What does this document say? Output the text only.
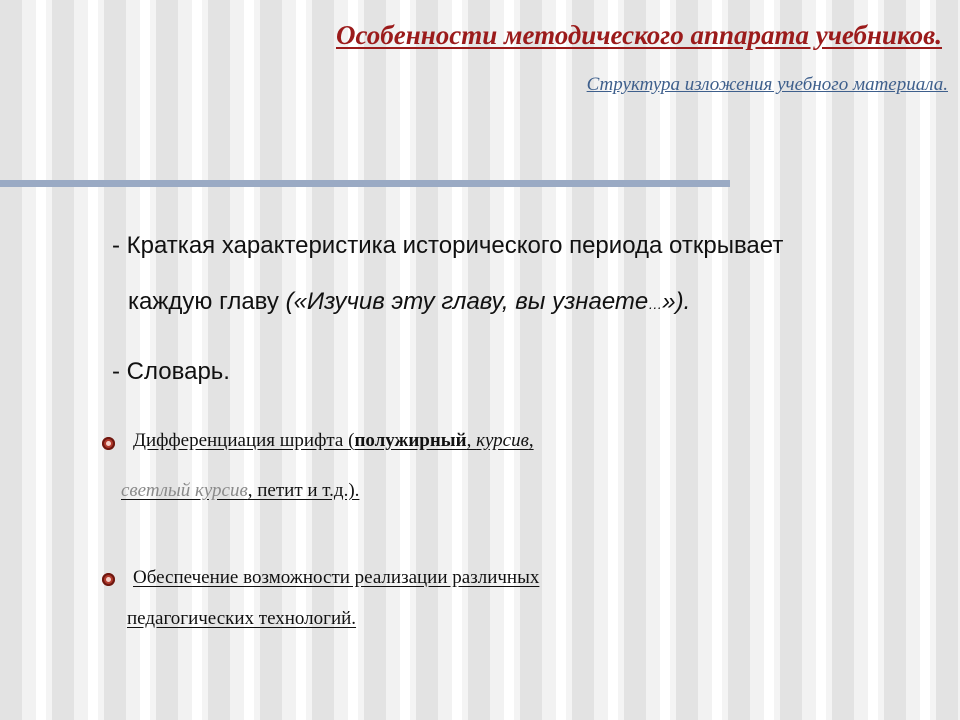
Особенности методического аппарата учебников.
Структура изложения учебного материала.
- Краткая характеристика исторического периода открывает
каждую главу («Изучив эту главу, вы узнаете…»).
- Словарь.
Дифференциация шрифта (полужирный, курсив,
светлый курсив, петит и т.д.).
Обеспечение возможности реализации различных
педагогических технологий.
